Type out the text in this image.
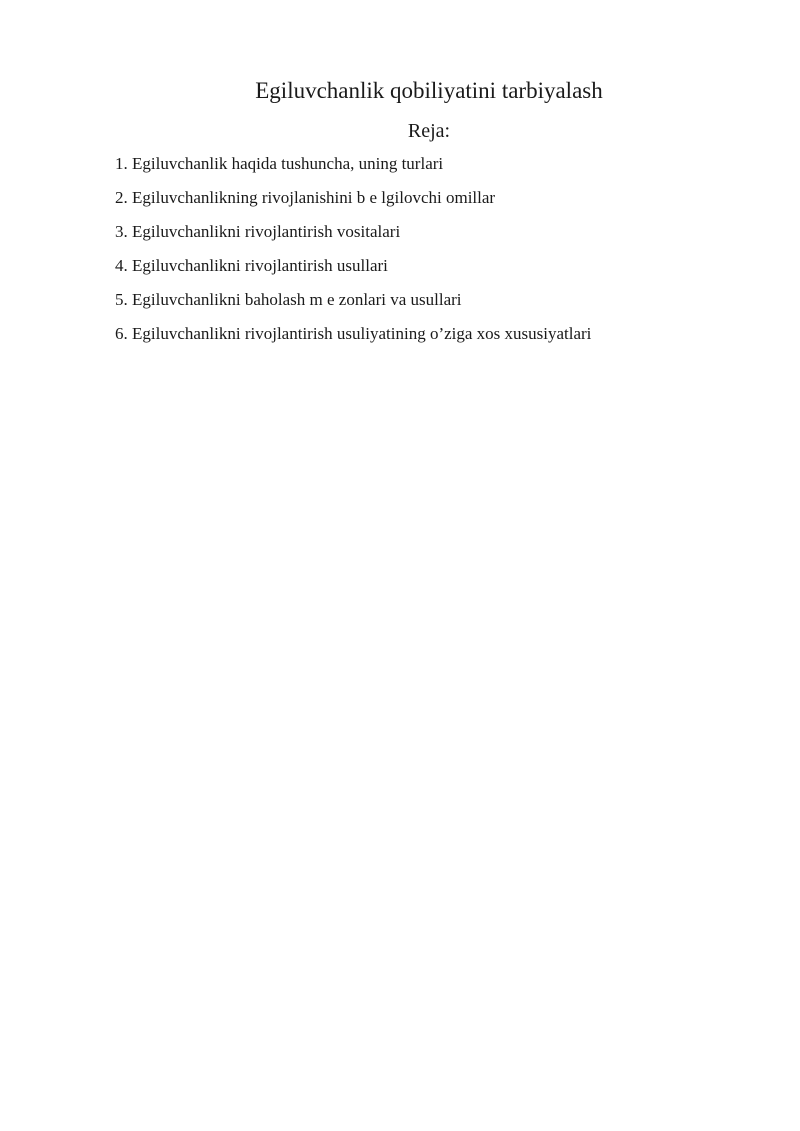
Egiluvchanlik qobiliyatini tarbiyalash
Reja:
1. Egiluvchanlik haqida tushuncha, uning turlari
2. Egiluvchanlikning rivojlanishini b e lgilovchi omillar
3. Egiluvchanlikni rivojlantirish vositalari
4. Egiluvchanlikni rivojlantirish usullari
5. Egiluvchanlikni baholash m e zonlari va usullari
6. Egiluvchanlikni rivojlantirish usuliyatining o’ziga xos xususiyatlari
